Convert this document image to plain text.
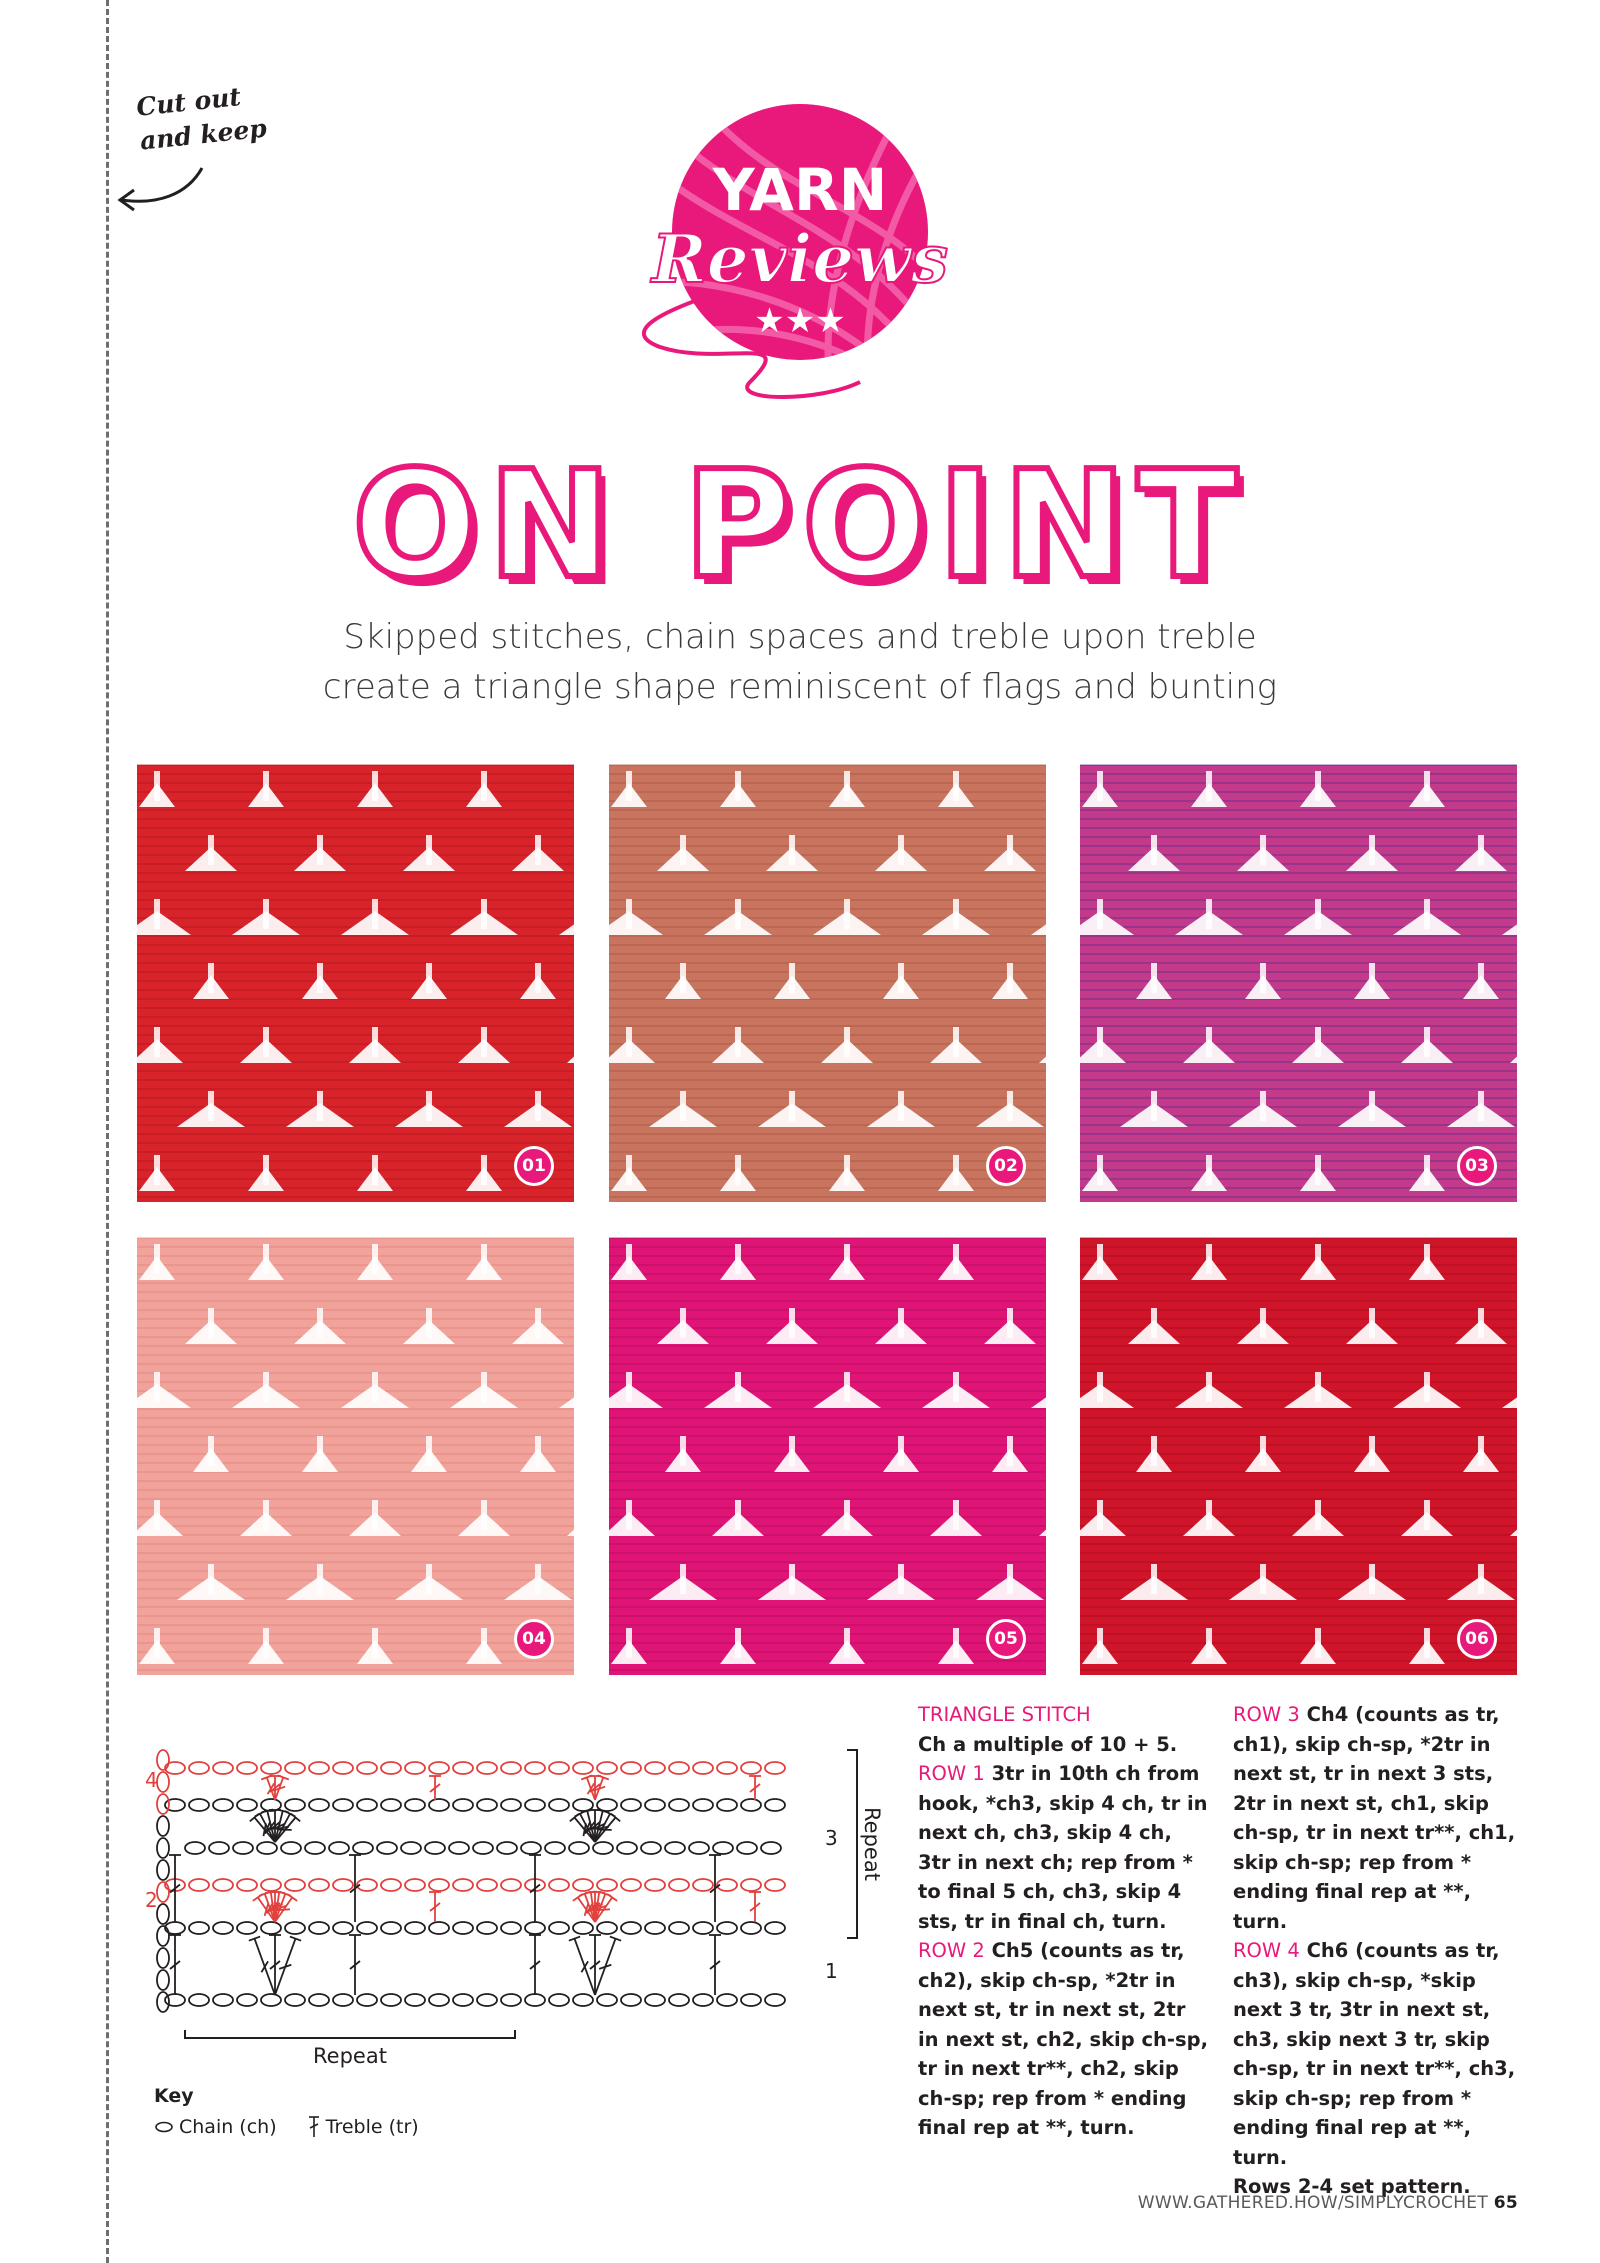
Cut out
and keep
YARN
Reviews
★★★
ON POINT
Skipped stitches, chain spaces and treble upon treble
create a triangle shape reminiscent of flags and bunting
01	02	03
04	05	06
4
3
2
1
Repeat
Repeat
Key
Chain (ch)	Treble (tr)

TRIANGLE STITCH

Ch a multiple of 10 + 5.

ROW 1 3tr in 10th ch from hook, *ch3, skip 4 ch, tr in next ch, ch3, skip 4 ch, 3tr in next ch; rep from * to final 5 ch, ch3, skip 4 sts, tr in final ch, turn.

ROW 2 Ch5 (counts as tr, ch2), skip ch-sp, *2tr in next st, tr in next st, 2tr in next st, ch2, skip ch-sp, tr in next tr**, ch2, skip ch-sp; rep from * ending final rep at **, turn.

ROW 3 Ch4 (counts as tr, ch1), skip ch-sp, *2tr in next st, tr in next 3 sts, 2tr in next st, ch1, skip ch-sp, tr in next tr**, ch1, skip ch-sp; rep from * ending final rep at **, turn.

ROW 4 Ch6 (counts as tr, ch3), skip ch-sp, *skip next 3 tr, 3tr in next st, ch3, skip next 3 tr, skip ch-sp, tr in next tr**, ch3, skip ch-sp; rep from * ending final rep at **, turn.

Rows 2-4 set pattern.

WWW.GATHERED.HOW/SIMPLYCROCHET 65
